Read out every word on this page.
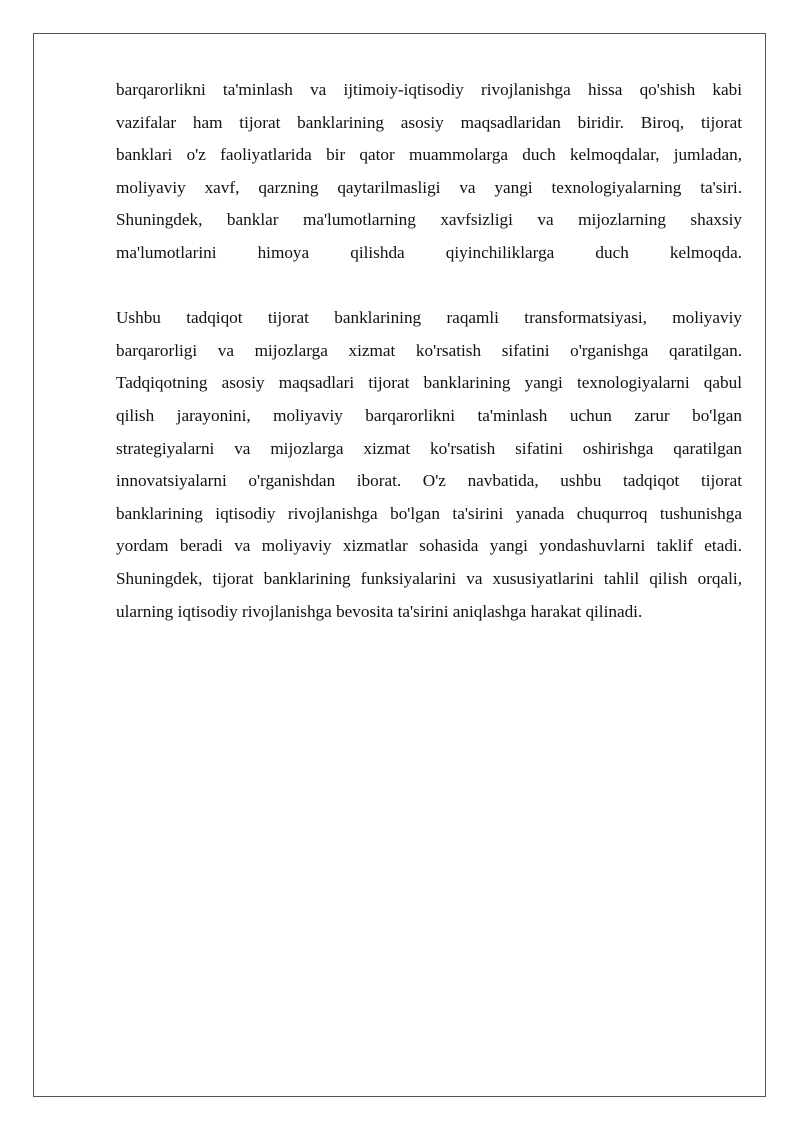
barqarorlikni ta'minlash va ijtimoiy-iqtisodiy rivojlanishga hissa qo'shish kabi
vazifalar ham tijorat banklarining asosiy maqsadlaridan biridir. Biroq, tijorat
banklari o'z faoliyatlarida bir qator muammolarga duch kelmoqdalar, jumladan,
moliyaviy xavf, qarzning qaytarilmasligi va yangi texnologiyalarning ta'siri.
Shuningdek, banklar ma'lumotlarning xavfsizligi va mijozlarning shaxsiy
ma'lumotlarini himoya qilishda qiyinchiliklarga duch kelmoqda.

Ushbu tadqiqot tijorat banklarining raqamli transformatsiyasi, moliyaviy
barqarorligi va mijozlarga xizmat ko'rsatish sifatini o'rganishga qaratilgan.
Tadqiqotning asosiy maqsadlari tijorat banklarining yangi texnologiyalarni qabul
qilish jarayonini, moliyaviy barqarorlikni ta'minlash uchun zarur bo'lgan
strategiyalarni va mijozlarga xizmat ko'rsatish sifatini oshirishga qaratilgan
innovatsiyalarni o'rganishdan iborat. O'z navbatida, ushbu tadqiqot tijorat
banklarining iqtisodiy rivojlanishga bo'lgan ta'sirini yanada chuqurroq tushunishga
yordam beradi va moliyaviy xizmatlar sohasida yangi yondashuvlarni taklif etadi.
Shuningdek, tijorat banklarining funksiyalarini va xususiyatlarini tahlil qilish orqali,
ularning iqtisodiy rivojlanishga bevosita ta'sirini aniqlashga harakat qilinadi.
